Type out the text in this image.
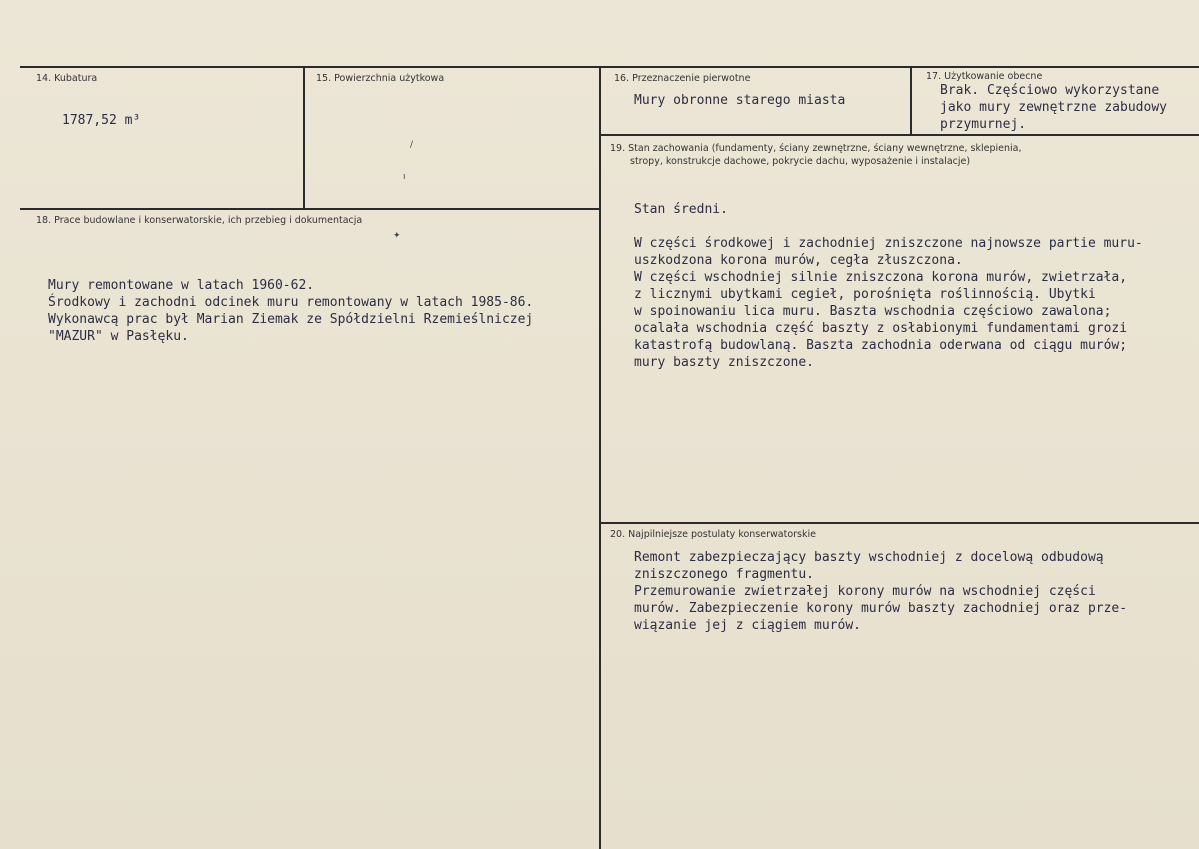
14. Kubatura
1787,52 m³
15. Powierzchnia użytkowa
/
ı
16. Przeznaczenie pierwotne
Mury obronne starego miasta
17. Użytkowanie obecne
Brak. Częściowo wykorzystane
jako mury zewnętrzne zabudowy
przymurnej.
18. Prace budowlane i konserwatorskie, ich przebieg i dokumentacja
✦
Mury remontowane w latach 1960-62.
Środkowy i zachodni odcinek muru remontowany w latach 1985-86.
Wykonawcą prac był Marian Ziemak ze Spółdzielni Rzemieślniczej
"MAZUR" w Pasłęku.
19. Stan zachowania (fundamenty, ściany zewnętrzne, ściany wewnętrzne, sklepienia,
stropy, konstrukcje dachowe, pokrycie dachu, wyposażenie i instalacje)
Stan średni.
W części środkowej i zachodniej zniszczone najnowsze partie muru-
uszkodzona korona murów, cegła złuszczona.
W części wschodniej silnie zniszczona korona murów, zwietrzała,
z licznymi ubytkami cegieł, porośnięta roślinnością. Ubytki
w spoinowaniu lica muru. Baszta wschodnia częściowo zawalona;
ocalała wschodnia część baszty z osłabionymi fundamentami grozi
katastrofą budowlaną. Baszta zachodnia oderwana od ciągu murów;
mury baszty zniszczone.
20. Najpilniejsze postulaty konserwatorskie
Remont zabezpieczający baszty wschodniej z docelową odbudową
zniszczonego fragmentu.
Przemurowanie zwietrzałej korony murów na wschodniej części
murów. Zabezpieczenie korony murów baszty zachodniej oraz prze-
wiązanie jej z ciągiem murów.
